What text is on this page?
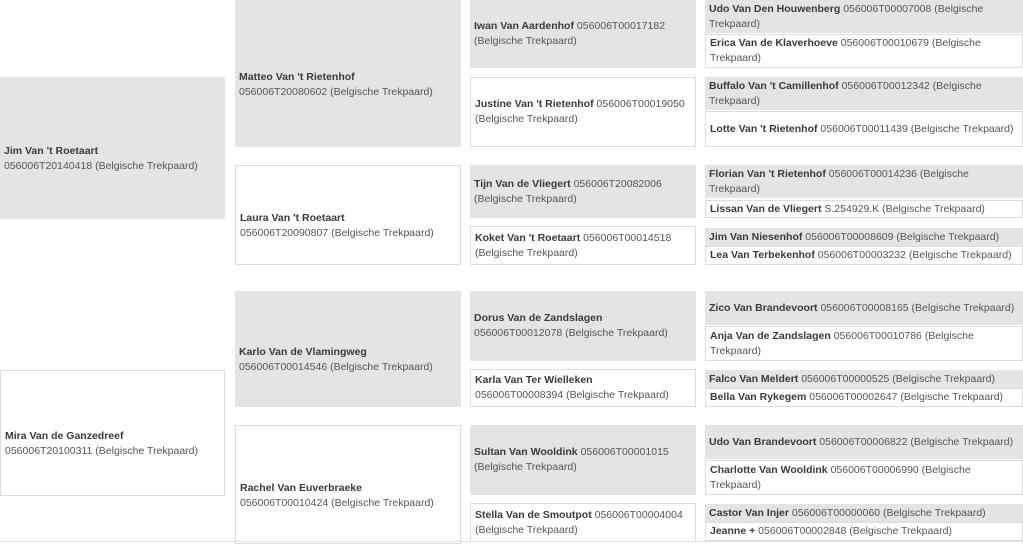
Jim Van 't Roetaart
056006T20140418 (Belgische Trekpaard)
Mira Van de Ganzedreef
056006T20100311 (Belgische Trekpaard)
Matteo Van 't Rietenhof
056006T20080602 (Belgische Trekpaard)
Laura Van 't Roetaart
056006T20090807 (Belgische Trekpaard)
Karlo Van de Vlamingweg
056006T00014546 (Belgische Trekpaard)
Rachel Van Euverbraeke
056006T00010424 (Belgische Trekpaard)
Iwan Van Aardenhof 056006T00017182 (Belgische Trekpaard)
Justine Van 't Rietenhof 056006T00019050 (Belgische Trekpaard)
Tijn Van de Vliegert 056006T20082006 (Belgische Trekpaard)
Koket Van 't Roetaart 056006T00014518 (Belgische Trekpaard)
Dorus Van de Zandslagen
056006T00012078 (Belgische Trekpaard)
Karla Van Ter Wielleken
056006T00008394 (Belgische Trekpaard)
Sultan Van Wooldink 056006T00001015 (Belgische Trekpaard)
Stella Van de Smoutpot 056006T00004004 (Belgische Trekpaard)
Udo Van Den Houwenberg 056006T00007008 (Belgische Trekpaard)
Erica Van de Klaverhoeve 056006T00010679 (Belgische Trekpaard)
Buffalo Van 't Camillenhof 056006T00012342 (Belgische Trekpaard)
Lotte Van 't Rietenhof 056006T00011439 (Belgische Trekpaard)
Florian Van 't Rietenhof 056006T00014236 (Belgische Trekpaard)
Lissan Van de Vliegert S.254929.K (Belgische Trekpaard)
Jim Van Niesenhof 056006T00008609 (Belgische Trekpaard)
Lea Van Terbekenhof 056006T00003232 (Belgische Trekpaard)
Zico Van Brandevoort 056006T00008165 (Belgische Trekpaard)
Anja Van de Zandslagen 056006T00010786 (Belgische Trekpaard)
Falco Van Meldert 056006T00000525 (Belgische Trekpaard)
Bella Van Rykegem 056006T00002647 (Belgische Trekpaard)
Udo Van Brandevoort 056006T00006822 (Belgische Trekpaard)
Charlotte Van Wooldink 056006T00006990 (Belgische Trekpaard)
Castor Van Injer 056006T00000060 (Belgische Trekpaard)
Jeanne + 056006T00002848 (Belgische Trekpaard)
